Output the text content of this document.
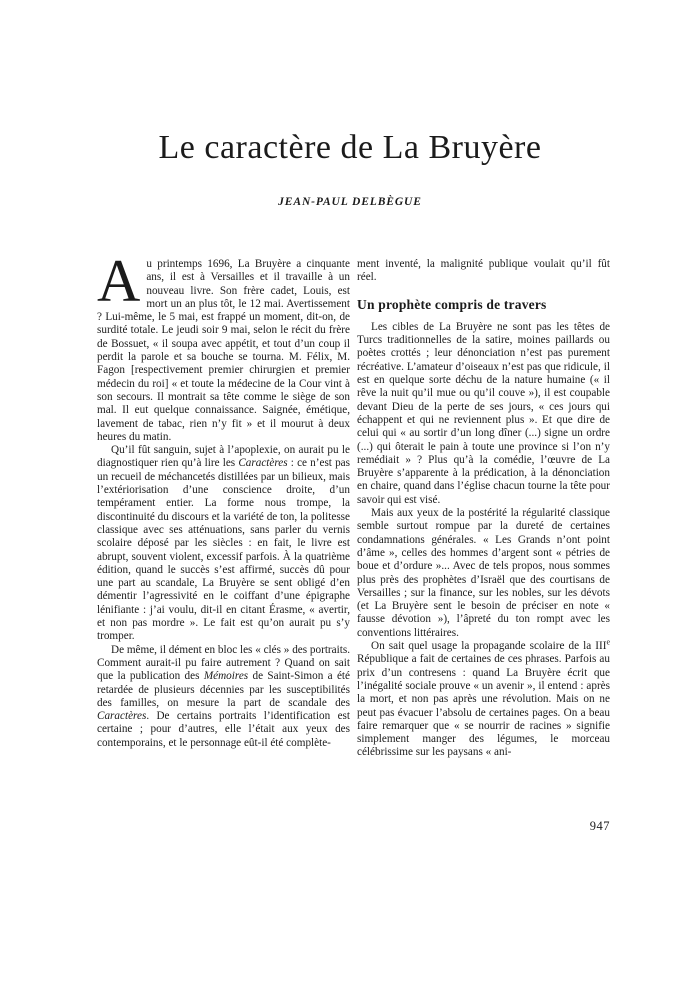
Le caractère de La Bruyère
JEAN-PAUL DELBÈGUE

Au printemps 1696, La Bruyère a cinquante ans, il est à Versailles et il travaille à un nouveau livre. Son frère cadet, Louis, est mort un an plus tôt, le 12 mai. Avertissement ? Lui-même, le 5 mai, est frappé un moment, dit-on, de surdité totale. Le jeudi soir 9 mai, selon le récit du frère de Bossuet, « il soupa avec appétit, et tout d’un coup il perdit la parole et sa bouche se tourna. M. Félix, M. Fagon [respectivement premier chirurgien et premier médecin du roi] « et toute la médecine de la Cour vint à son secours. Il montrait sa tête comme le siège de son mal. Il eut quelque connaissance. Saignée, émétique, lavement de tabac, rien n’y fit » et il mourut à deux heures du matin.

Qu’il fût sanguin, sujet à l’apoplexie, on aurait pu le diagnostiquer rien qu’à lire les Caractères : ce n’est pas un recueil de méchancetés distillées par un bilieux, mais l’extériorisation d’une conscience droite, d’un tempérament entier. La forme nous trompe, la discontinuité du discours et la variété de ton, la politesse classique avec ses atténuations, sans parler du vernis scolaire déposé par les siècles : en fait, le livre est abrupt, souvent violent, excessif parfois. À la quatrième édition, quand le succès s’est affirmé, succès dû pour une part au scandale, La Bruyère se sent obligé d’en démentir l’agressivité en le coiffant d’une épigraphe lénifiante : j’ai voulu, dit-il en citant Érasme, « avertir, et non pas mordre ». Le fait est qu’on aurait pu s’y tromper.

De même, il dément en bloc les « clés » des portraits. Comment aurait-il pu faire autrement ? Quand on sait que la publication des Mémoires de Saint-Simon a été retardée de plusieurs décennies par les susceptibilités des familles, on mesure la part de scandale des Caractères. De certains portraits l’identification est certaine ; pour d’autres, elle l’était aux yeux des contemporains, et le personnage eût-il été complète-

ment inventé, la malignité publique voulait qu’il fût réel.

Un prophète compris de travers

Les cibles de La Bruyère ne sont pas les têtes de Turcs traditionnelles de la satire, moines paillards ou poètes crottés ; leur dénonciation n’est pas purement récréative. L’amateur d’oiseaux n’est pas que ridicule, il est en quelque sorte déchu de la nature humaine (« il rêve la nuit qu’il mue ou qu’il couve »), il est coupable devant Dieu de la perte de ses jours, « ces jours qui échappent et qui ne reviennent plus ». Et que dire de celui qui « au sortir d’un long dîner (...) signe un ordre (...) qui ôterait le pain à toute une province si l’on n’y remédiait » ? Plus qu’à la comédie, l’œuvre de La Bruyère s’apparente à la prédication, à la dénonciation en chaire, quand dans l’église chacun tourne la tête pour savoir qui est visé.

Mais aux yeux de la postérité la régularité classique semble surtout rompue par la dureté de certaines condamnations générales. « Les Grands n’ont point d’âme », celles des hommes d’argent sont « pétries de boue et d’ordure »... Avec de tels propos, nous sommes plus près des prophètes d’Israël que des courtisans de Versailles ; sur la finance, sur les nobles, sur les dévots (et La Bruyère sent le besoin de préciser en note « fausse dévotion »), l’âpreté du ton rompt avec les conventions littéraires.

On sait quel usage la propagande scolaire de la IIIe République a fait de certaines de ces phrases. Parfois au prix d’un contresens : quand La Bruyère écrit que l’inégalité sociale prouve « un avenir », il entend : après la mort, et non pas après une révolution. Mais on ne peut pas évacuer l’absolu de certaines pages. On a beau faire remarquer que « se nourrir de racines » signifie simplement manger des légumes, le morceau célébrissime sur les paysans « ani-

947
